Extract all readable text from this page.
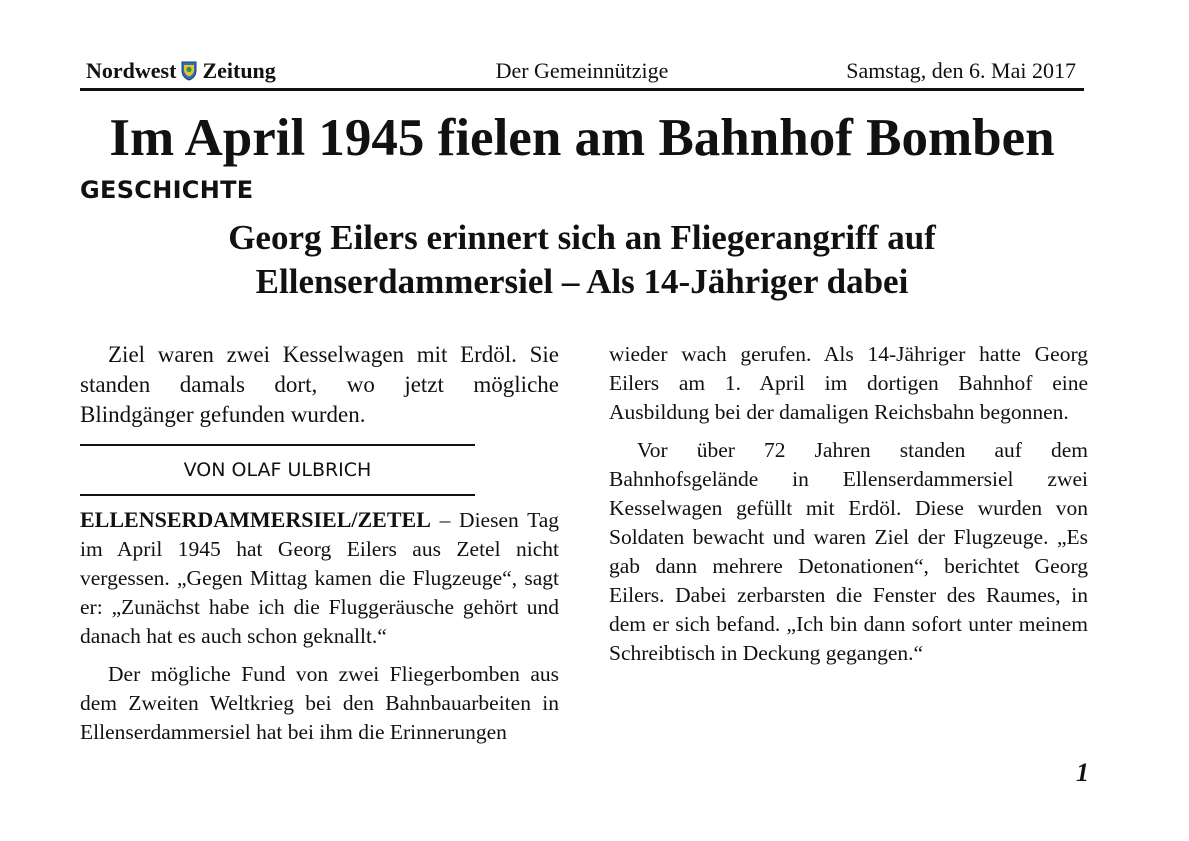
Nordwest Zeitung	Der Gemeinnützige	Samstag, den 6. Mai 2017
Im April 1945 fielen am Bahnhof Bomben
GESCHICHTE
Georg Eilers erinnert sich an Fliegerangriff auf Ellenserdammersiel – Als 14-Jähriger dabei

Ziel waren zwei Kesselwagen mit Erdöl. Sie standen damals dort, wo jetzt mögliche Blindgänger gefunden wurden.

VON OLAF ULBRICH

ELLENSERDAMMERSIEL/ZETEL – Diesen Tag im April 1945 hat Georg Eilers aus Zetel nicht vergessen. „Gegen Mittag kamen die Flugzeuge“, sagt er: „Zunächst habe ich die Fluggeräusche gehört und danach hat es auch schon geknallt.“

Der mögliche Fund von zwei Fliegerbomben aus dem Zweiten Weltkrieg bei den Bahnbauarbeiten in Ellenserdammersiel hat bei ihm die Erinnerungen

wieder wach gerufen. Als 14-Jähriger hatte Georg Eilers am 1. April im dortigen Bahnhof eine Ausbildung bei der damaligen Reichsbahn begonnen.

Vor über 72 Jahren standen auf dem Bahnhofsgelände in Ellenserdammersiel zwei Kesselwagen gefüllt mit Erdöl. Diese wurden von Soldaten bewacht und waren Ziel der Flugzeuge. „Es gab dann mehrere Detonationen“, berichtet Georg Eilers. Dabei zerbarsten die Fenster des Raumes, in dem er sich befand. „Ich bin dann sofort unter meinem Schreibtisch in Deckung gegangen.“

1
